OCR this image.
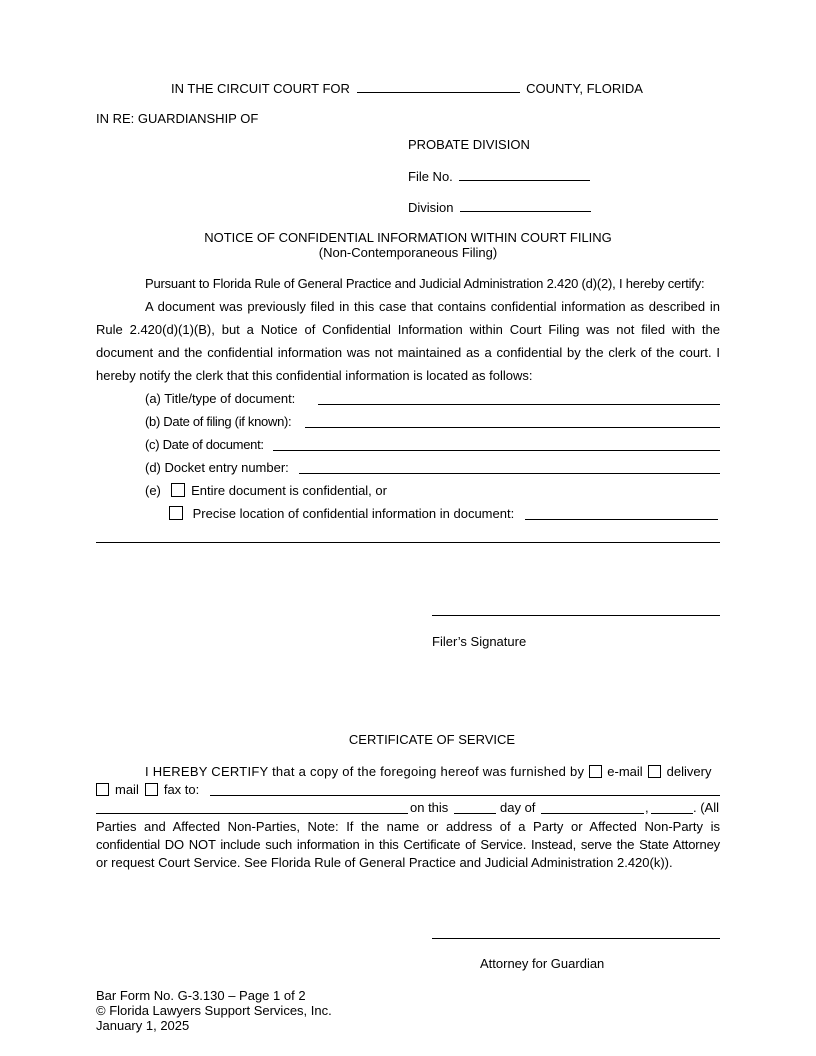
IN THE CIRCUIT COURT FOR	COUNTY, FLORIDA
IN RE: GUARDIANSHIP OF
PROBATE DIVISION
File No.
Division
NOTICE OF CONFIDENTIAL INFORMATION WITHIN COURT FILING
(Non-Contemporaneous Filing)
Pursuant to Florida Rule of General Practice and Judicial Administration 2.420 (d)(2), I hereby certify:
A document was previously filed in this case that contains confidential information as described in
Rule 2.420(d)(1)(B), but a Notice of Confidential Information within Court Filing was not filed with the
document and the confidential information was not maintained as a confidential by the clerk of the court. I
hereby notify the clerk that this confidential information is located as follows:
(a) Title/type of document:
(b) Date of filing (if known):
(c) Date of document:
(d) Docket entry number:
(e) Entire document is confidential, or
Precise location of confidential information in document:
Filer’s Signature
CERTIFICATE OF SERVICE
I HEREBY CERTIFY that a copy of the foregoing hereof was furnished by e-mail delivery
mail fax to:
on this	day of	,	. (All
Parties and Affected Non-Parties, Note: If the name or address of a Party or Affected Non-Party is
confidential DO NOT include such information in this Certificate of Service. Instead, serve the State Attorney
or request Court Service. See Florida Rule of General Practice and Judicial Administration 2.420(k)).
Attorney for Guardian
Bar Form No. G-3.130 – Page 1 of 2
© Florida Lawyers Support Services, Inc.
January 1, 2025
